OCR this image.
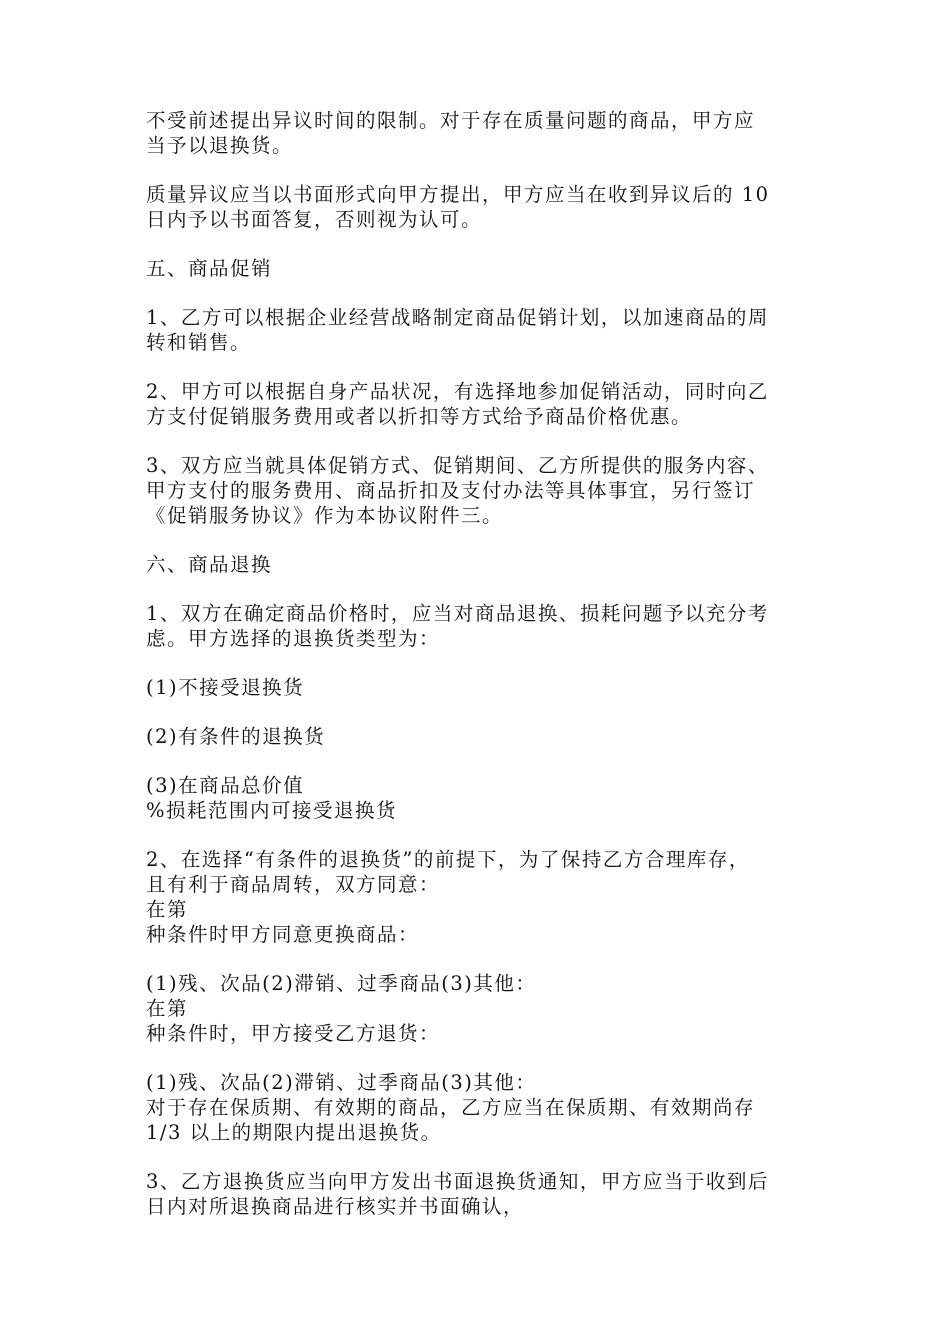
不受前述提出异议时间的限制。对于存在质量问题的商品，甲方应
当予以退换货。

质量异议应当以书面形式向甲方提出，甲方应当在收到异议后的 10
日内予以书面答复，否则视为认可。

五、商品促销

1、乙方可以根据企业经营战略制定商品促销计划，以加速商品的周
转和销售。

2、甲方可以根据自身产品状况，有选择地参加促销活动，同时向乙
方支付促销服务费用或者以折扣等方式给予商品价格优惠。

3、双方应当就具体促销方式、促销期间、乙方所提供的服务内容、
甲方支付的服务费用、商品折扣及支付办法等具体事宜，另行签订
《促销服务协议》作为本协议附件三。

六、商品退换

1、双方在确定商品价格时，应当对商品退换、损耗问题予以充分考
虑。甲方选择的退换货类型为：

(1)不接受退换货

(2)有条件的退换货

(3)在商品总价值
%损耗范围内可接受退换货

2、在选择“有条件的退换货”的前提下，为了保持乙方合理库存，
且有利于商品周转，双方同意：
在第
种条件时甲方同意更换商品：

(1)残、次品(2)滞销、过季商品(3)其他：
在第
种条件时，甲方接受乙方退货：

(1)残、次品(2)滞销、过季商品(3)其他：
对于存在保质期、有效期的商品，乙方应当在保质期、有效期尚存
1/3 以上的期限内提出退换货。

3、乙方退换货应当向甲方发出书面退换货通知，甲方应当于收到后
日内对所退换商品进行核实并书面确认，
